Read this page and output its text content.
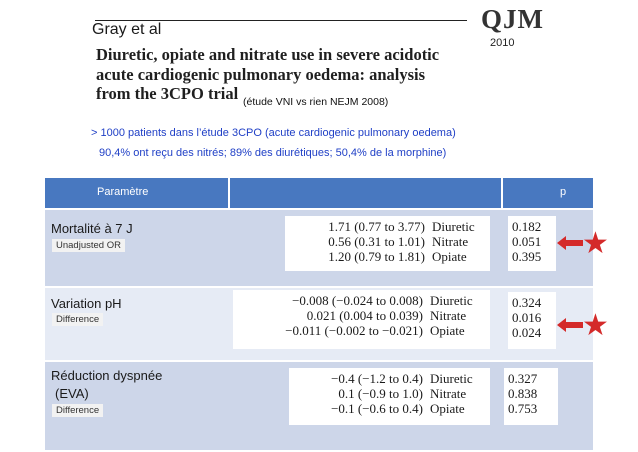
Gray et al	QJM
2010
Diuretic, opiate and nitrate use in severe acidotic
acute cardiogenic pulmonary oedema: analysis
from the 3CPO trial (étude VNI vs rien NEJM 2008)
> 1000 patients dans l’étude 3CPO (acute cardiogenic pulmonary oedema)
90,4% ont reçu des nitrés; 89% des diurétiques; 50,4% de la morphine)
Paramètre	p
Mortalité à 7 J
Unadjusted OR
1.71 (0.77 to 3.77)
0.56 (0.31 to 1.01)
1.20 (0.79 to 1.81)
Diuretic
Nitrate
Opiate
0.182
0.051
0.395
Variation pH
Difference
−0.008 (−0.024 to 0.008)
0.021 (0.004 to 0.039)
−0.011 (−0.002 to −0.021)
Diuretic
Nitrate
Opiate
0.324
0.016
0.024
Réduction dyspnée
(EVA)
Difference
−0.4 (−1.2 to 0.4)
0.1 (−0.9 to 1.0)
−0.1 (−0.6 to 0.4)
Diuretic
Nitrate
Opiate
0.327
0.838
0.753
★
★
